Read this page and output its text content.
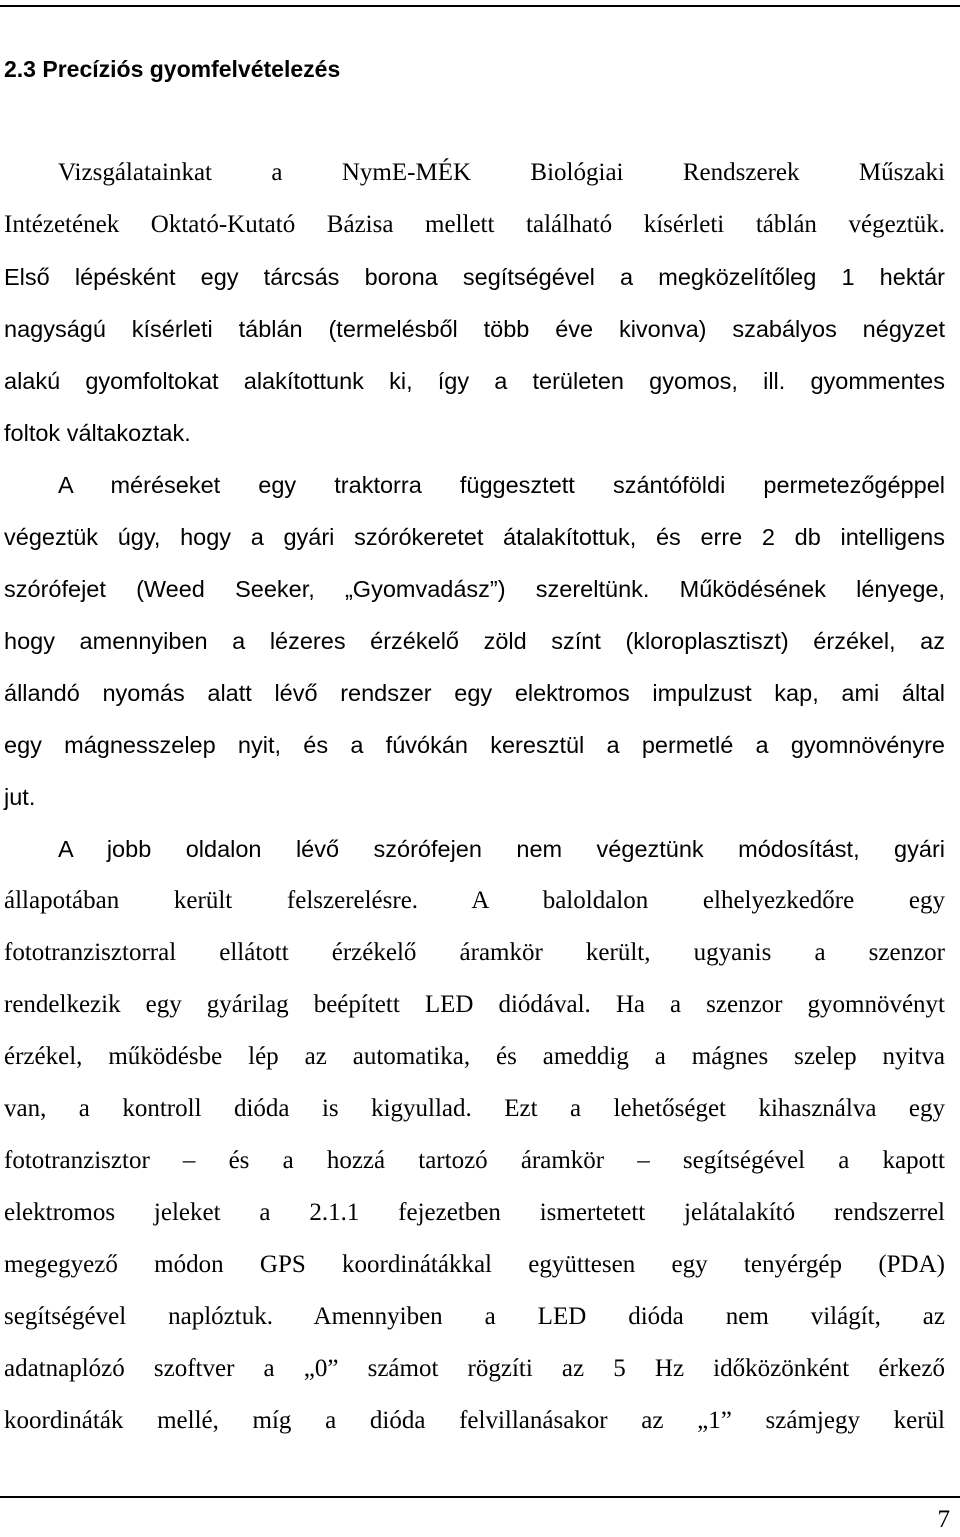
2.3 Precíziós gyomfelvételezés
Vizsgálatainkat a NymE-MÉK Biológiai Rendszerek Műszaki
Intézetének Oktató-Kutató Bázisa mellett található kísérleti táblán végeztük.
Első lépésként egy tárcsás borona segítségével a megközelítőleg 1 hektár
nagyságú kísérleti táblán (termelésből több éve kivonva) szabályos négyzet
alakú gyomfoltokat alakítottunk ki, így a területen gyomos, ill. gyommentes
foltok váltakoztak.
A méréseket egy traktorra függesztett szántóföldi permetezőgéppel
végeztük úgy, hogy a gyári szórókeretet átalakítottuk, és erre 2 db intelligens
szórófejet (Weed Seeker, „Gyomvadász”) szereltünk. Működésének lényege,
hogy amennyiben a lézeres érzékelő zöld színt (kloroplasztiszt) érzékel, az
állandó nyomás alatt lévő rendszer egy elektromos impulzust kap, ami által
egy mágnesszelep nyit, és a fúvókán keresztül a permetlé a gyomnövényre
jut.
A jobb oldalon lévő szórófejen nem végeztünk módosítást, gyári
állapotában került felszerelésre. A baloldalon elhelyezkedőre egy
fototranzisztorral ellátott érzékelő áramkör került, ugyanis a szenzor
rendelkezik egy gyárilag beépített LED diódával. Ha a szenzor gyomnövényt
érzékel, működésbe lép az automatika, és ameddig a mágnes szelep nyitva
van, a kontroll dióda is kigyullad. Ezt a lehetőséget kihasználva egy
fototranzisztor – és a hozzá tartozó áramkör – segítségével a kapott
elektromos jeleket a 2.1.1 fejezetben ismertetett jelátalakító rendszerrel
megegyező módon GPS koordinátákkal együttesen egy tenyérgép (PDA)
segítségével naplóztuk. Amennyiben a LED dióda nem világít, az
adatnaplózó szoftver a „0” számot rögzíti az 5 Hz időközönként érkező
koordináták mellé, míg a dióda felvillanásakor az „1” számjegy kerül
7
